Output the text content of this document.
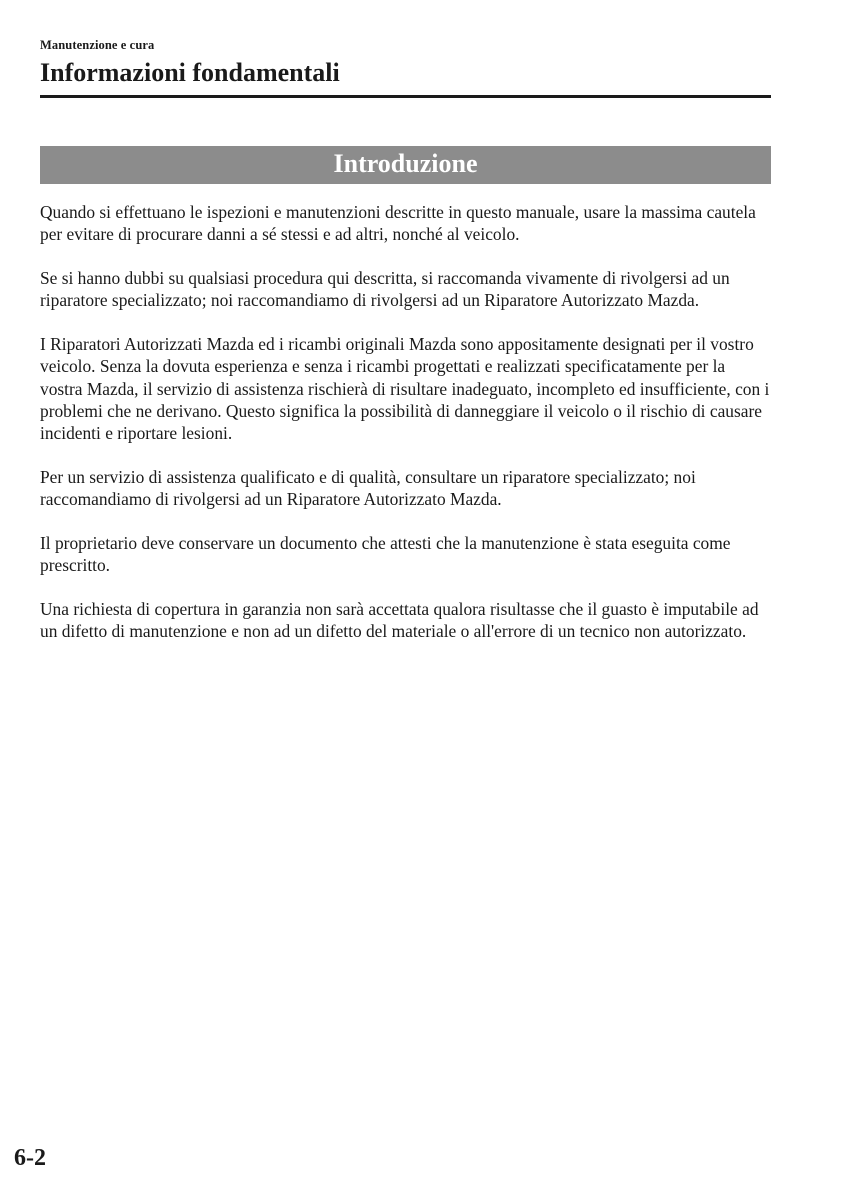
Manutenzione e cura
Informazioni fondamentali
Introduzione

Quando si effettuano le ispezioni e manutenzioni descritte in questo manuale, usare la massima cautela per evitare di procurare danni a sé stessi e ad altri, nonché al veicolo.

Se si hanno dubbi su qualsiasi procedura qui descritta, si raccomanda vivamente di rivolgersi ad un riparatore specializzato; noi raccomandiamo di rivolgersi ad un Riparatore Autorizzato Mazda.

I Riparatori Autorizzati Mazda ed i ricambi originali Mazda sono appositamente designati per il vostro veicolo. Senza la dovuta esperienza e senza i ricambi progettati e realizzati specificatamente per la vostra Mazda, il servizio di assistenza rischierà di risultare inadeguato, incompleto ed insufficiente, con i problemi che ne derivano. Questo significa la possibilità di danneggiare il veicolo o il rischio di causare incidenti e riportare lesioni.

Per un servizio di assistenza qualificato e di qualità, consultare un riparatore specializzato; noi raccomandiamo di rivolgersi ad un Riparatore Autorizzato Mazda.

Il proprietario deve conservare un documento che attesti che la manutenzione è stata eseguita come prescritto.

Una richiesta di copertura in garanzia non sarà accettata qualora risultasse che il guasto è imputabile ad un difetto di manutenzione e non ad un difetto del materiale o all'errore di un tecnico non autorizzato.

6-2
